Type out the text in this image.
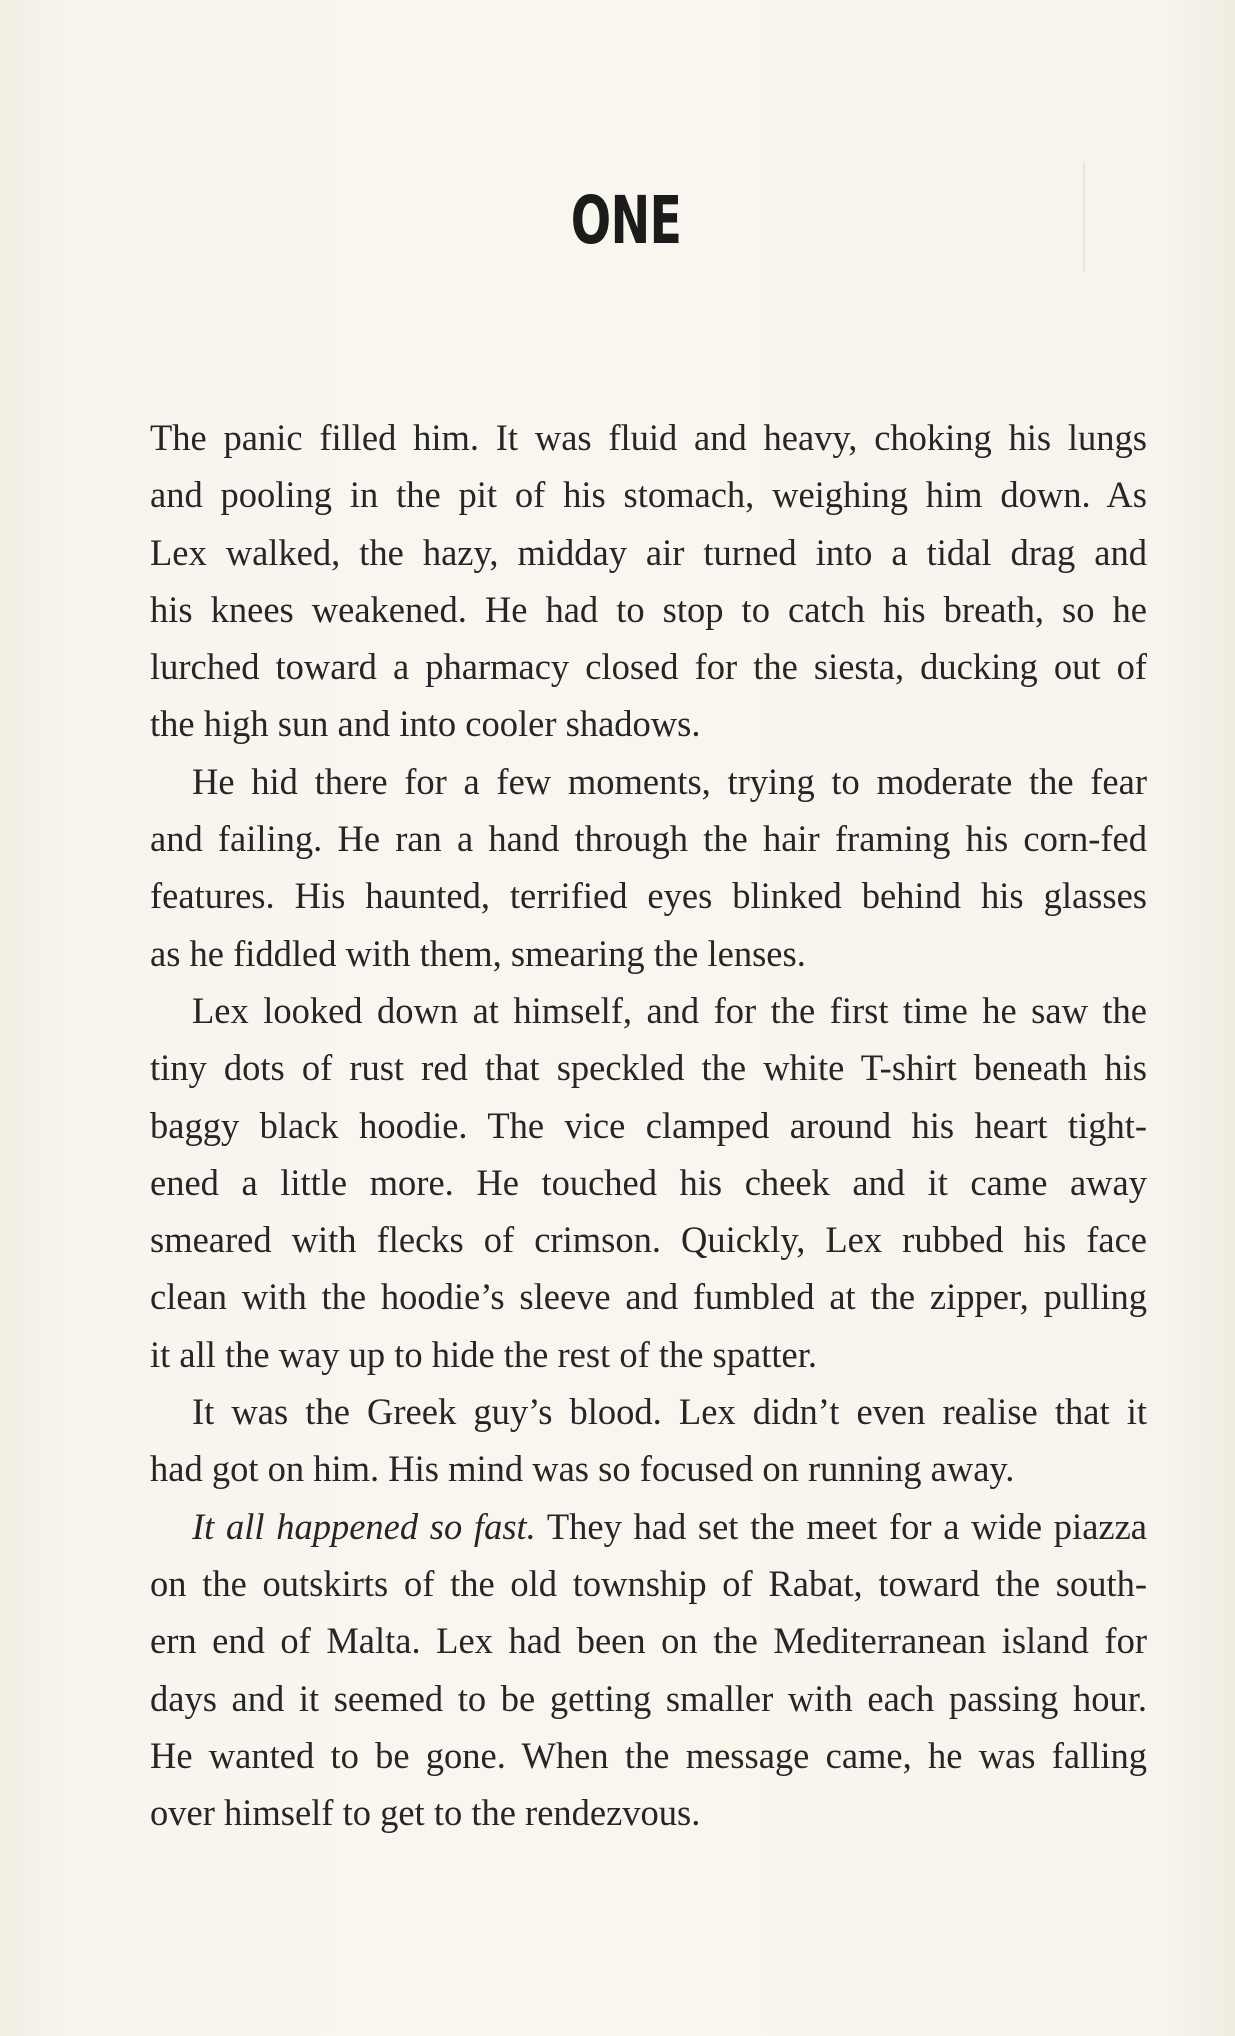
ONE

The panic filled him. It was fluid and heavy, choking his lungs
and pooling in the pit of his stomach, weighing him down. As
Lex walked, the hazy, midday air turned into a tidal drag and
his knees weakened. He had to stop to catch his breath, so he
lurched toward a pharmacy closed for the siesta, ducking out of
the high sun and into cooler shadows.

He hid there for a few moments, trying to moderate the fear
and failing. He ran a hand through the hair framing his corn-fed
features. His haunted, terrified eyes blinked behind his glasses
as he fiddled with them, smearing the lenses.

Lex looked down at himself, and for the first time he saw the
tiny dots of rust red that speckled the white T-shirt beneath his
baggy black hoodie. The vice clamped around his heart tight-
ened a little more. He touched his cheek and it came away
smeared with flecks of crimson. Quickly, Lex rubbed his face
clean with the hoodie’s sleeve and fumbled at the zipper, pulling
it all the way up to hide the rest of the spatter.

It was the Greek guy’s blood. Lex didn’t even realise that it
had got on him. His mind was so focused on running away.

It all happened so fast. They had set the meet for a wide piazza
on the outskirts of the old township of Rabat, toward the south-
ern end of Malta. Lex had been on the Mediterranean island for
days and it seemed to be getting smaller with each passing hour.
He wanted to be gone. When the message came, he was falling
over himself to get to the rendezvous.
